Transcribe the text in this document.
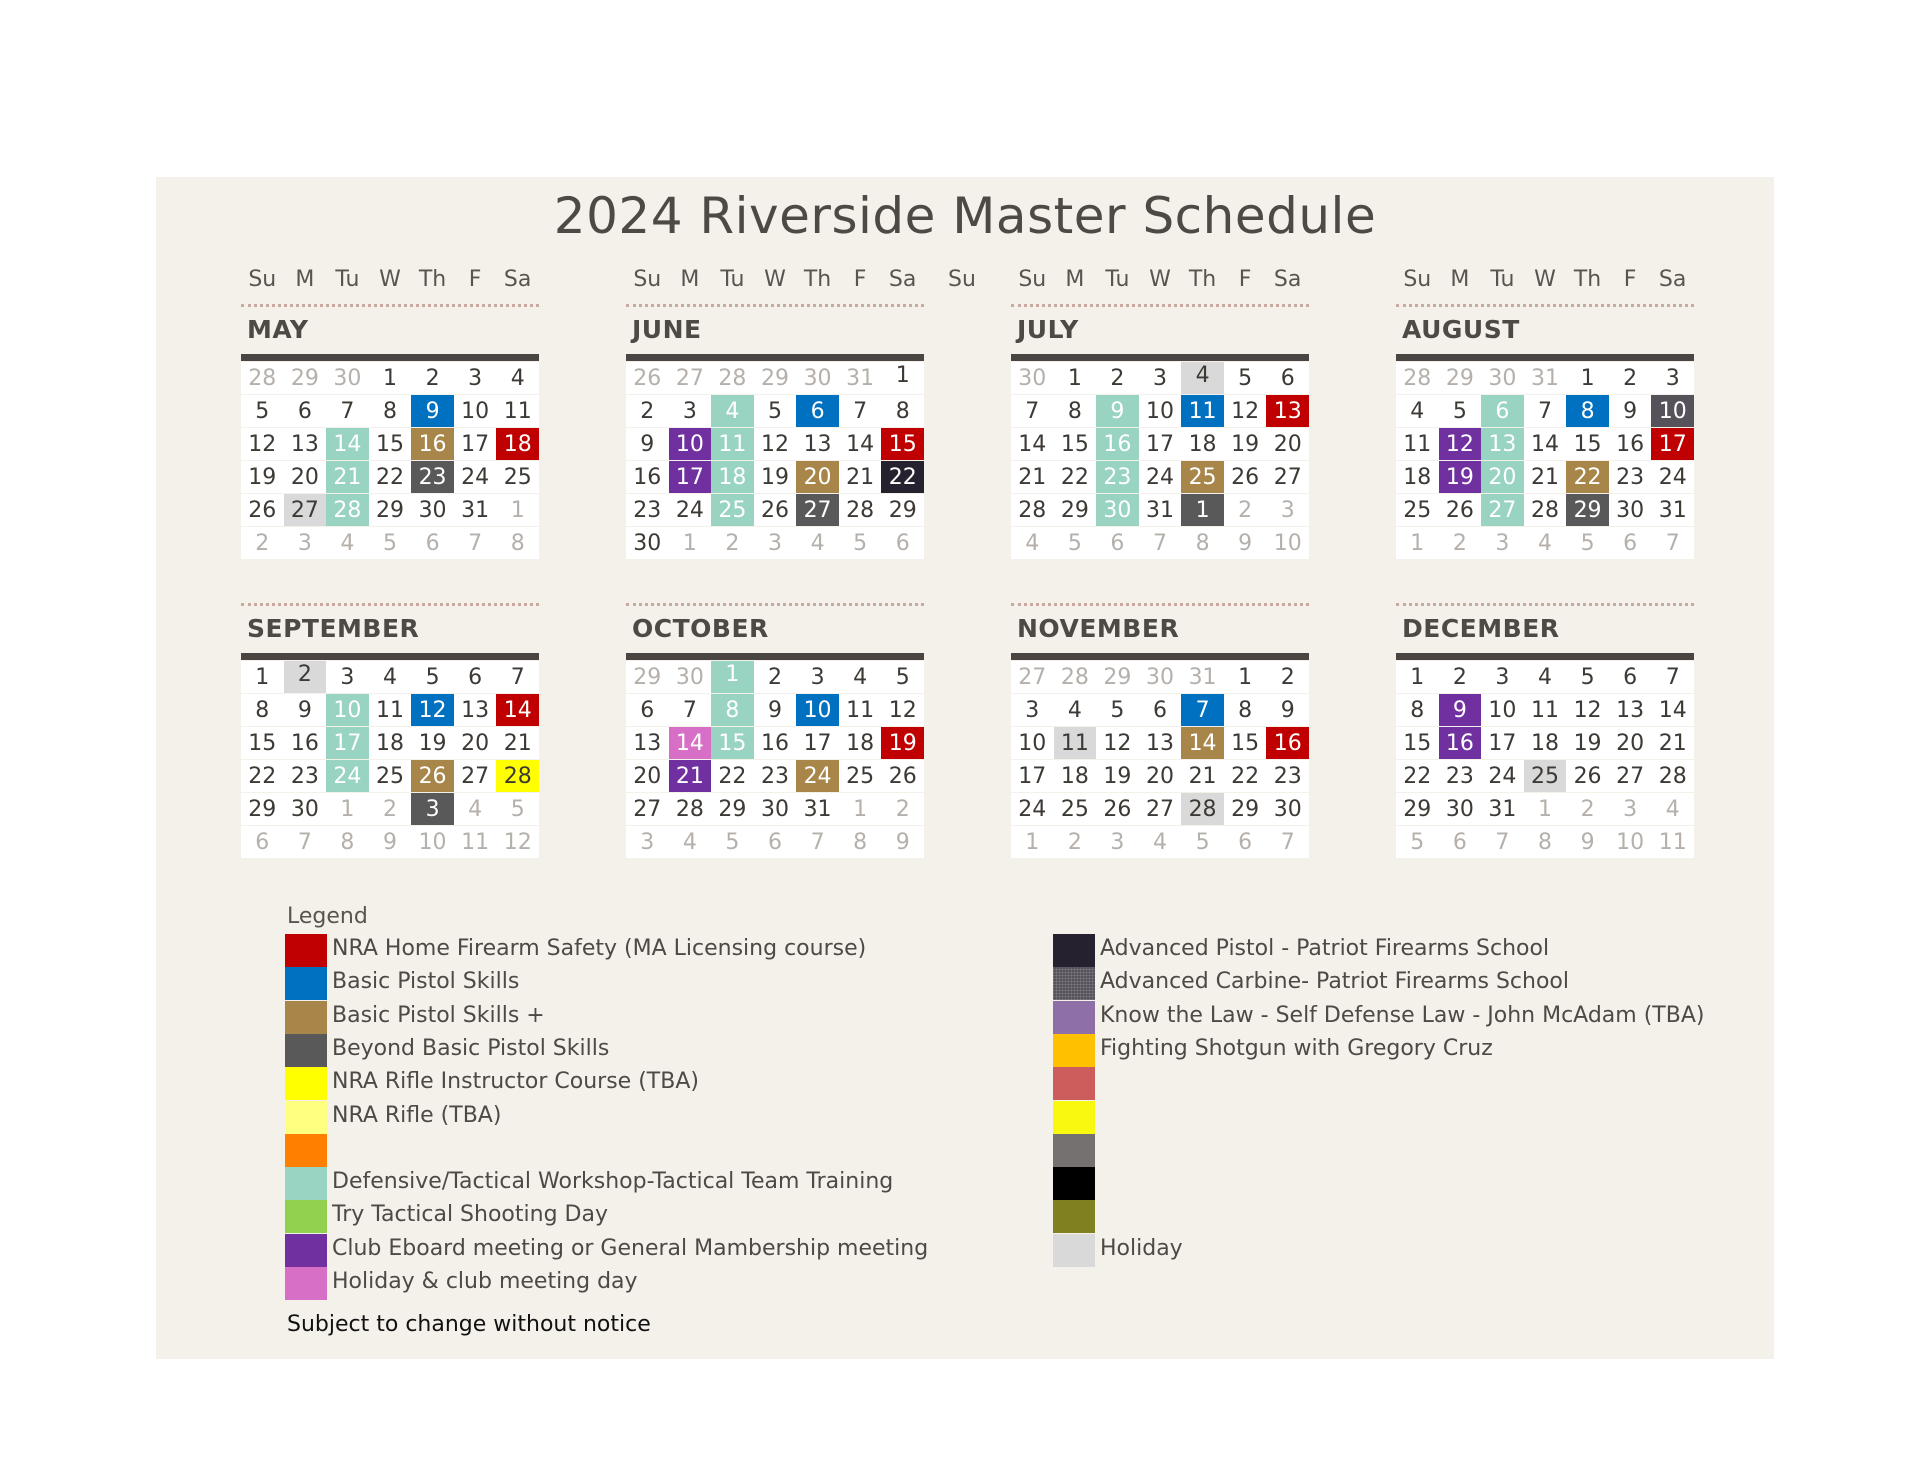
2024 Riverside Master Schedule
Su M Tu W Th	F	Sa
MAY
28 29 30 1	2	3	4
5	6	7	8	9 10 11
12 13 14 15 16 17 18
19 20 21 22 23 24 25
26 27 28 29 30 31 1
2	3	4	5	6	7	8
Su M Tu W Th	F	Sa
JUNE
26 27 28 29 30 31 1
2	3	4	5	6	7	8
9 10 11 12 13 14 15
16 17 18 19 20 21 22
23 24 25 26 27 28 29
30 1	2	3	4	5	6
Su M Tu W Th	F	Sa
JULY
30 1	2	3	4	5	6
7	8	9 10 11 12 13
14 15 16 17 18 19 20
21 22 23 24 25 26 27
28 29 30 31 1	2	3
4	5	6	7	8	9 10
Su M Tu W Th	F	Sa
AUGUST
28 29 30 31 1	2	3
4	5	6	7	8	9 10
11 12 13 14 15 16 17
18 19 20 21 22 23 24
25 26 27 28 29 30 31
1	2	3	4	5	6	7
SEPTEMBER
1	2	3	4	5	6	7
8	9 10 11 12 13 14
15 16 17 18 19 20 21
22 23 24 25 26 27 28
29 30 1	2	3	4	5
6	7	8	9 10 11 12
OCTOBER
29 30 1	2	3	4	5
6	7	8	9 10 11 12
13 14 15 16 17 18 19
20 21 22 23 24 25 26
27 28 29 30 31 1	2
3	4	5	6	7	8	9
NOVEMBER
27 28 29 30 31 1	2
3	4	5	6	7	8	9
10 11 12 13 14 15 16
17 18 19 20 21 22 23
24 25 26 27 28 29 30
1	2	3	4	5	6	7
DECEMBER
1	2	3	4	5	6	7
8	9 10 11 12 13 14
15 16 17 18 19 20 21
22 23 24 25 26 27 28
29 30 31 1	2	3	4
5	6	7	8	9 10 11
Su
Legend
NRA Home Firearm Safety (MA Licensing course)
Basic Pistol Skills
Basic Pistol Skills +
Beyond Basic Pistol Skills
NRA Rifle Instructor Course (TBA)
NRA Rifle (TBA)
Defensive/Tactical Workshop-Tactical Team Training
Try Tactical Shooting Day
Club Eboard meeting or General Mambership meeting
Holiday & club meeting day
Advanced Pistol - Patriot Firearms School
Advanced Carbine- Patriot Firearms School
Know the Law - Self Defense Law - John McAdam (TBA)
Fighting Shotgun with Gregory Cruz
Holiday
Subject to change without notice
